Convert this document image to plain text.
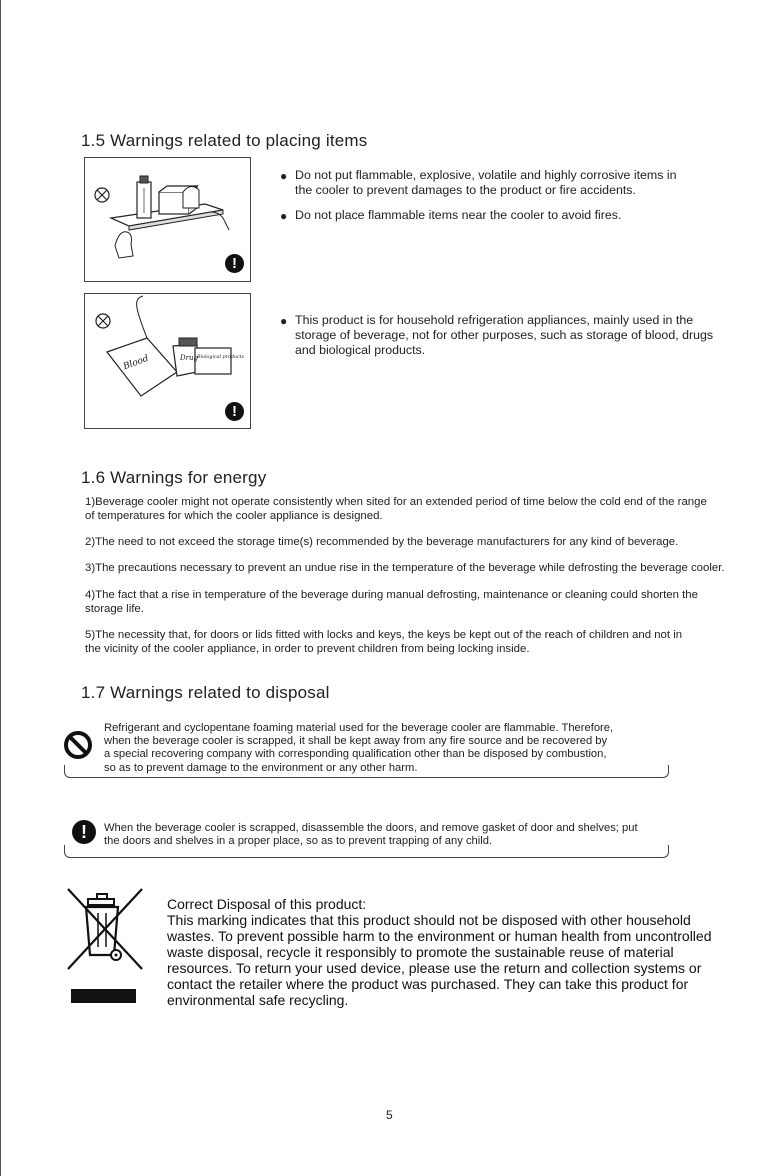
1.5 Warnings related to placing items
!
● Do not put flammable, explosive, volatile and highly corrosive items in
the cooler to prevent damages to the product or fire accidents.
● Do not place flammable items near the cooler to avoid fires.
Blood	Drug Biological products
!
● This product is for household refrigeration appliances, mainly used in the
storage of beverage, not for other purposes, such as storage of blood, drugs
and biological products.
1.6 Warnings for energy
1)Beverage cooler might not operate consistently when sited for an extended period of time below the cold end of the range
of temperatures for which the cooler appliance is designed.
2)The need to not exceed the storage time(s) recommended by the beverage manufacturers for any kind of beverage.
3)The precautions necessary to prevent an undue rise in the temperature of the beverage while defrosting the beverage cooler.
4)The fact that a rise in temperature of the beverage during manual defrosting, maintenance or cleaning could shorten the
storage life.
5)The necessity that, for doors or lids fitted with locks and keys, the keys be kept out of the reach of children and not in
the vicinity of the cooler appliance, in order to prevent children from being locking inside.
1.7 Warnings related to disposal
Refrigerant and cyclopentane foaming material used for the beverage cooler are flammable. Therefore,
when the beverage cooler is scrapped, it shall be kept away from any fire source and be recovered by
a special recovering company with corresponding qualification other than be disposed by combustion,
so as to prevent damage to the environment or any other harm.
!	When the beverage cooler is scrapped, disassemble the doors, and remove gasket of door and shelves; put
the doors and shelves in a proper place, so as to prevent trapping of any child.
Correct Disposal of this product:
This marking indicates that this product should not be disposed with other household
wastes. To prevent possible harm to the environment or human health from uncontrolled
waste disposal, recycle it responsibly to promote the sustainable reuse of material
resources. To return your used device, please use the return and collection systems or
contact the retailer where the product was purchased. They can take this product for
environmental safe recycling.
5
